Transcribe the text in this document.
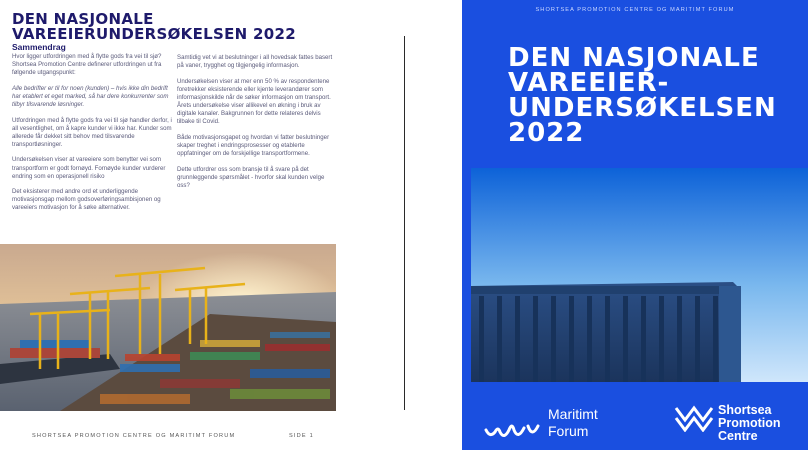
DEN NASJONALE
VAREEIERUNDERSØKELSEN 2022
Sammendrag

Hvor ligger utfordringen med å flytte gods fra vei til sjø? Shortsea Promotion Centre definerer utfordringen ut fra følgende utgangspunkt:

Alle bedrifter er til for noen (kunden) – hvis ikke din bedrift har etablert et eget marked, så har dere konkurrenter som tilbyr tilsvarende løsninger.

Utfordringen med å flytte gods fra vei til sjø handler derfor, i all vesentlighet, om å kapre kunder vi ikke har. Kunder som allerede får dekket sitt behov med tilsvarende transportløsninger.

Undersøkelsen viser at vareeiere som benytter vei som transportform er godt fornøyd. Fornøyde kunder vurderer endring som en operasjonell risiko

Det eksisterer med andre ord et underliggende motivasjonsgap mellom godsoverføringsambisjonen og vareeiers motivasjon for å søke alternativer.

Samtidig vet vi at beslutninger i all hovedsak fattes basert på vaner, trygghet og tilgjengelig informasjon.

Undersøkelsen viser at mer enn 50 % av respondentene foretrekker eksisterende eller kjente leverandører som informasjonskilde når de søker informasjon om transport. Årets undersøkelse viser allikevel en økning i bruk av digitale kanaler. Bakgrunnen for dette relateres delvis tilbake til Covid.

Både motivasjonsgapet og hvordan vi fatter beslutninger skaper treghet i endringsprosesser og etablerte oppfatninger om de forskjellige transportformene.

Dette utfordrer oss som bransje til å svare på det grunnleggende spørsmålet - hvorfor skal kunden velge oss?

SHORTSEA PROMOTION CENTRE OG MARITIMT FORUM	SIDE 1
SHORTSEA PROMOTION CENTRE OG MARITIMT FORUM
DEN NASJONALE
VAREEIER-
UNDERSØKELSEN
2022
Maritimt
Forum
Shortsea
Promotion
Centre
